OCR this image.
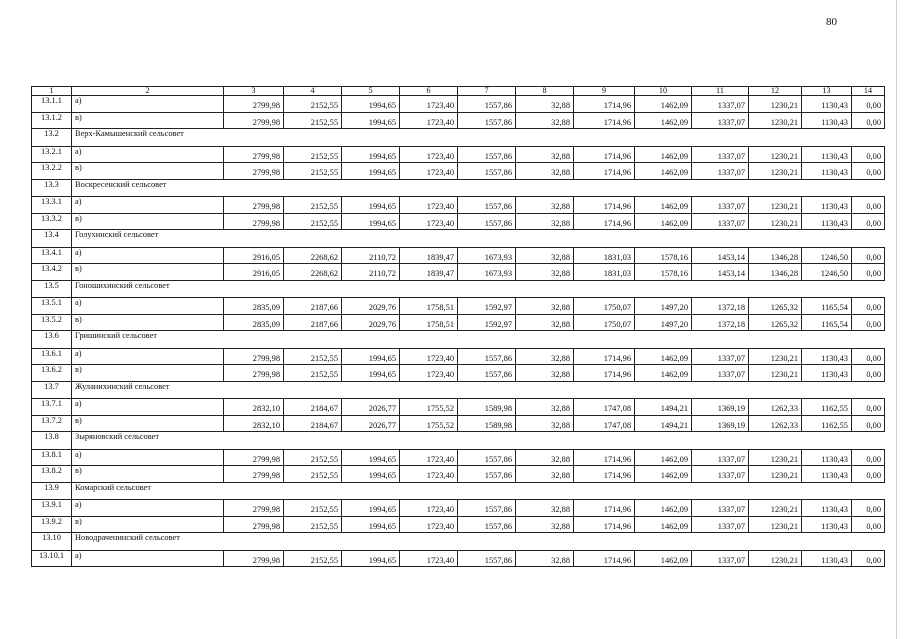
80
1	2	3	4	5	6	7	8	9	10	11	12	13	14
13.1.1	а)	2799,98	2152,55	1994,65	1723,40	1557,86	32,88	1714,96	1462,09	1337,07	1230,21	1130,43	0,00
13.1.2	в)	2799,98	2152,55	1994,65	1723,40	1557,86	32,88	1714,96	1462,09	1337,07	1230,21	1130,43	0,00
13.2	Верх-Камышенский сельсовет												
13.2.1	а)	2799,98	2152,55	1994,65	1723,40	1557,86	32,88	1714,96	1462,09	1337,07	1230,21	1130,43	0,00
13.2.2	в)	2799,98	2152,55	1994,65	1723,40	1557,86	32,88	1714,96	1462,09	1337,07	1230,21	1130,43	0,00
13.3	Воскресенский сельсовет												
13.3.1	а)	2799,98	2152,55	1994,65	1723,40	1557,86	32,88	1714,96	1462,09	1337,07	1230,21	1130,43	0,00
13.3.2	в)	2799,98	2152,55	1994,65	1723,40	1557,86	32,88	1714,96	1462,09	1337,07	1230,21	1130,43	0,00
13.4	Голухинский сельсовет												
13.4.1	а)	2916,05	2268,62	2110,72	1839,47	1673,93	32,88	1831,03	1578,16	1453,14	1346,28	1246,50	0,00
13.4.2	в)	2916,05	2268,62	2110,72	1839,47	1673,93	32,88	1831,03	1578,16	1453,14	1346,28	1246,50	0,00
13.5	Гоношихинский сельсовет												
13.5.1	а)	2835,09	2187,66	2029,76	1758,51	1592,97	32,88	1750,07	1497,20	1372,18	1265,32	1165,54	0,00
13.5.2	в)	2835,09	2187,66	2029,76	1758,51	1592,97	32,88	1750,07	1497,20	1372,18	1265,32	1165,54	0,00
13.6	Гришинский сельсовет												
13.6.1	а)	2799,98	2152,55	1994,65	1723,40	1557,86	32,88	1714,96	1462,09	1337,07	1230,21	1130,43	0,00
13.6.2	в)	2799,98	2152,55	1994,65	1723,40	1557,86	32,88	1714,96	1462,09	1337,07	1230,21	1130,43	0,00
13.7	Жуланихинский сельсовет												
13.7.1	а)	2832,10	2184,67	2026,77	1755,52	1589,98	32,88	1747,08	1494,21	1369,19	1262,33	1162,55	0,00
13.7.2	в)	2832,10	2184,67	2026,77	1755,52	1589,98	32,88	1747,08	1494,21	1369,19	1262,33	1162,55	0,00
13.8	Зыряновский сельсовет												
13.8.1	а)	2799,98	2152,55	1994,65	1723,40	1557,86	32,88	1714,96	1462,09	1337,07	1230,21	1130,43	0,00
13.8.2	в)	2799,98	2152,55	1994,65	1723,40	1557,86	32,88	1714,96	1462,09	1337,07	1230,21	1130,43	0,00
13.9	Комарский сельсовет												
13.9.1	а)	2799,98	2152,55	1994,65	1723,40	1557,86	32,88	1714,96	1462,09	1337,07	1230,21	1130,43	0,00
13.9.2	в)	2799,98	2152,55	1994,65	1723,40	1557,86	32,88	1714,96	1462,09	1337,07	1230,21	1130,43	0,00
13.10	Новодраченинский сельсовет												
13.10.1	а)	2799,98	2152,55	1994,65	1723,40	1557,86	32,88	1714,96	1462,09	1337,07	1230,21	1130,43	0,00
